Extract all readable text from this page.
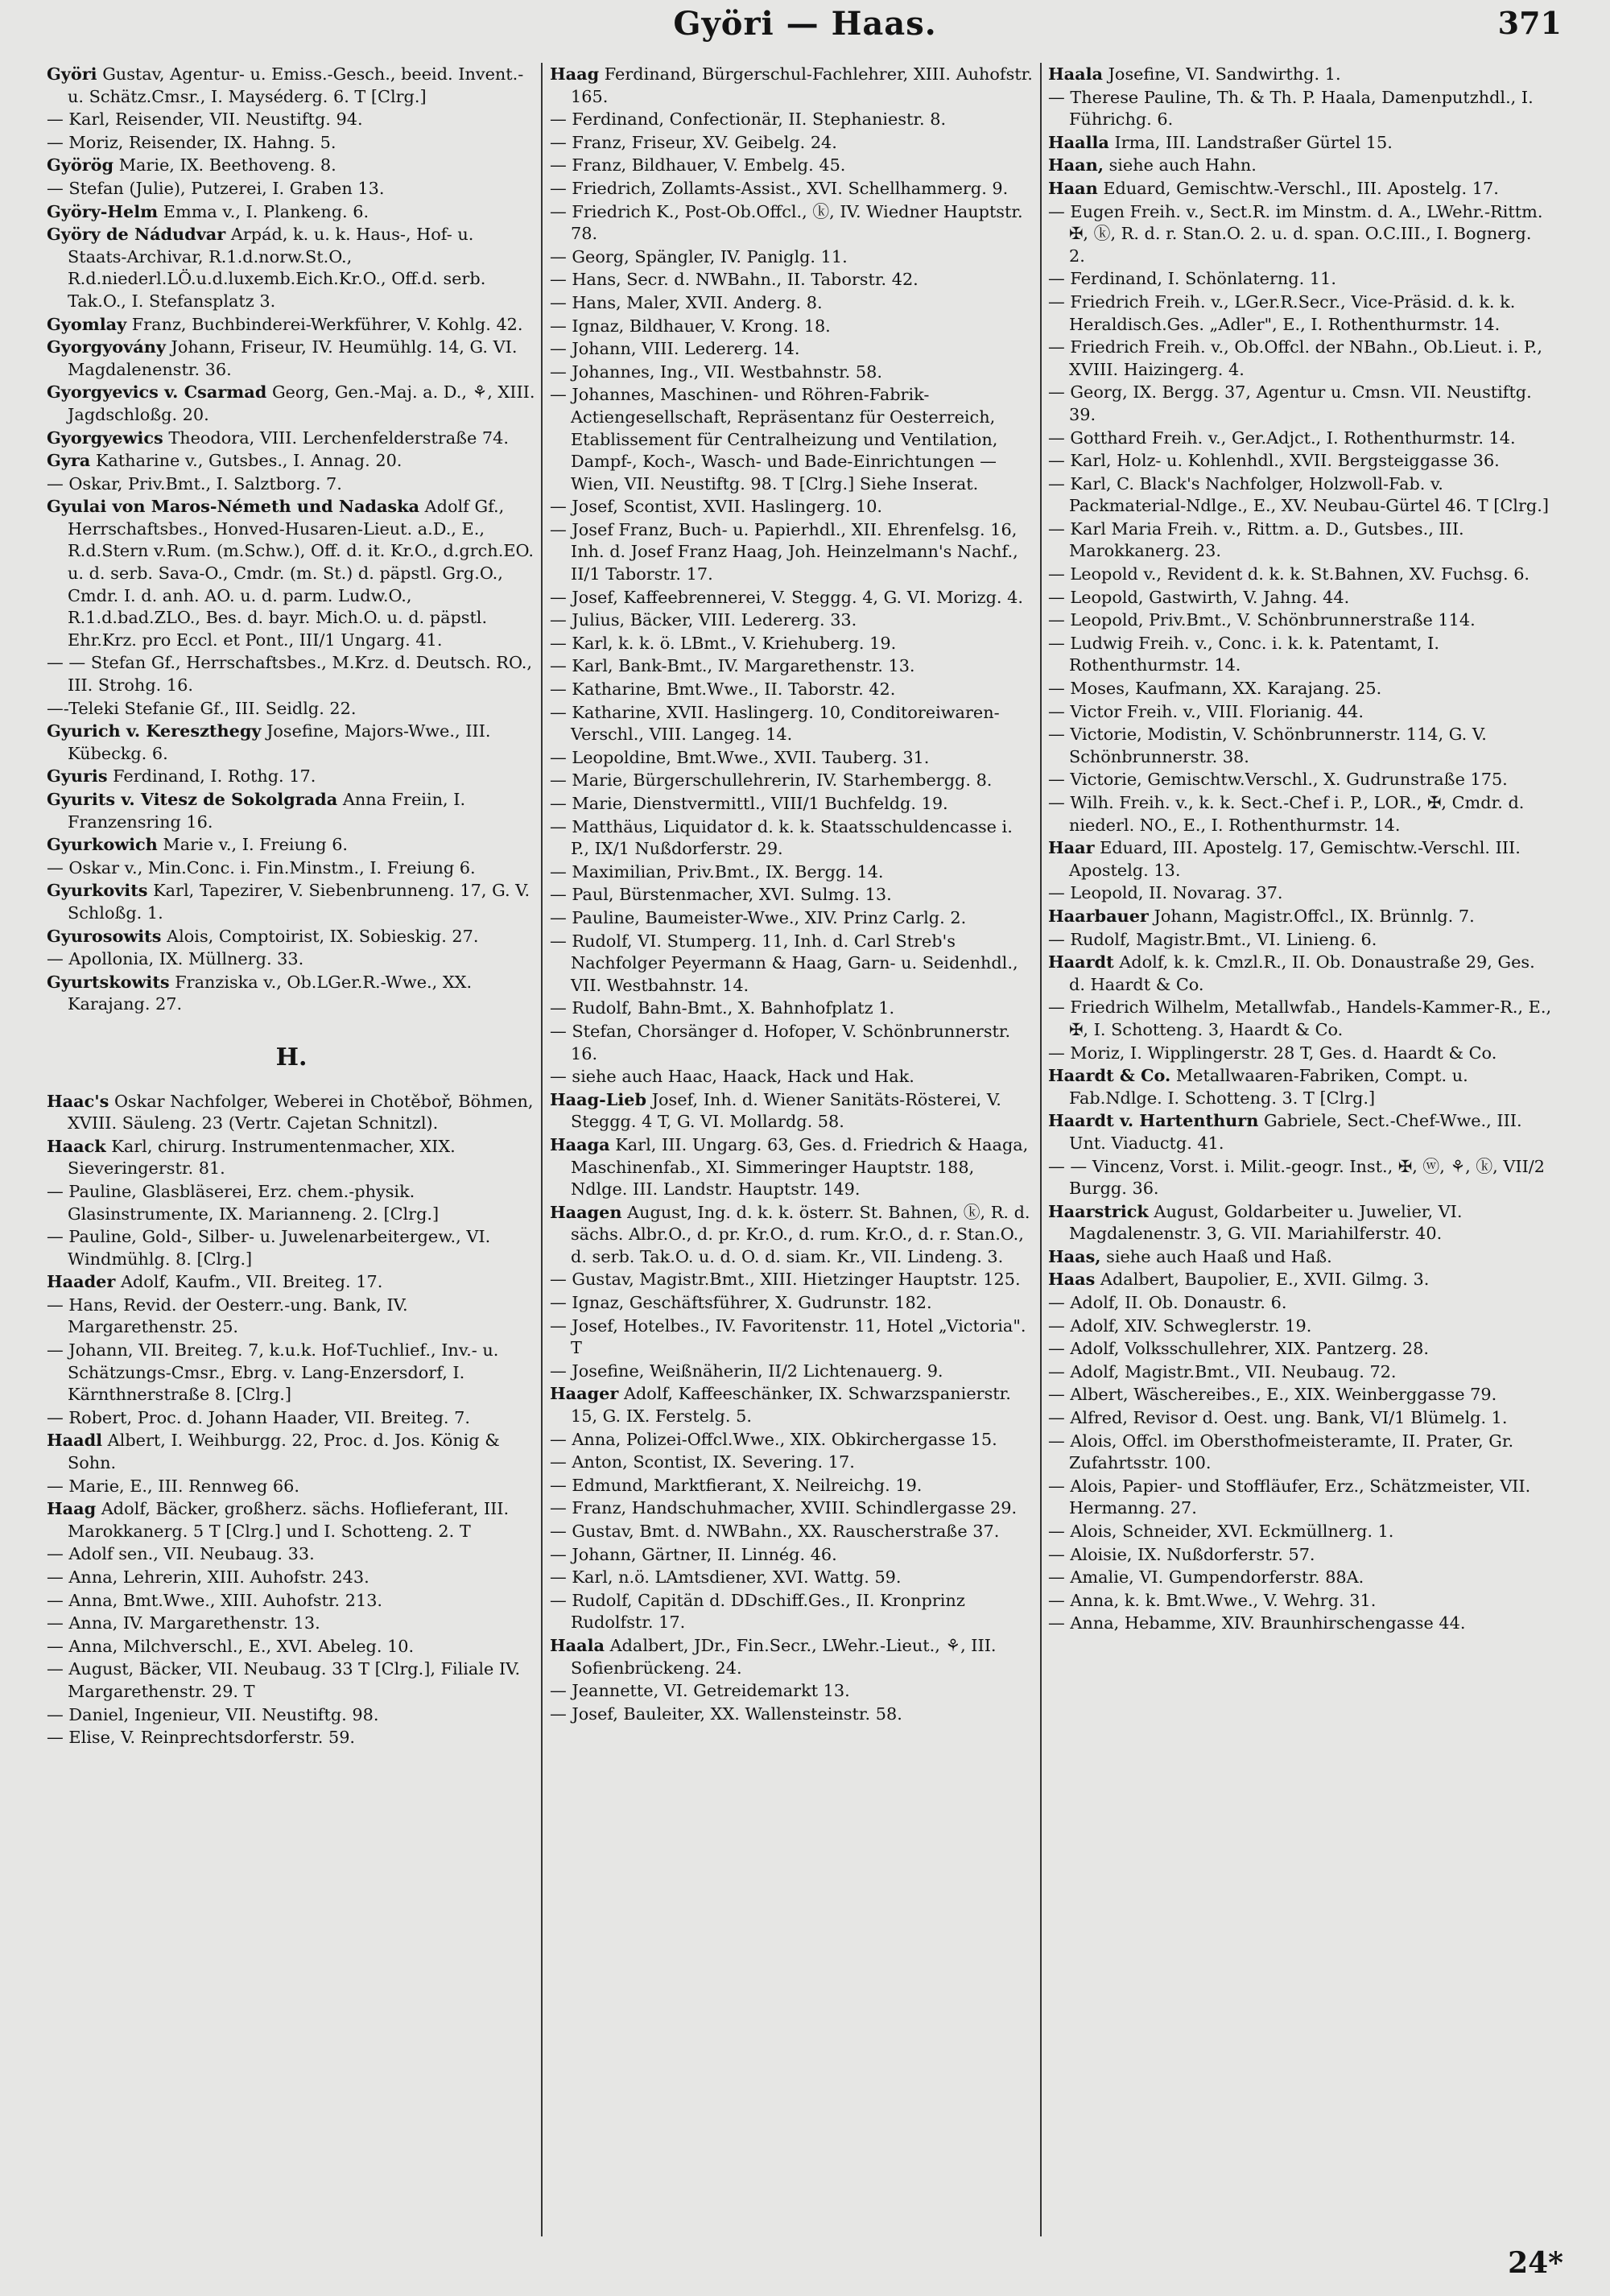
Györi — Haas.	371

Györi Gustav, Agentur- u. Emiss.-Gesch., beeid. Invent.- u. Schätz.Cmsr., I. Mayséderg. 6. T [Clrg.]

— Karl, Reisender, VII. Neustiftg. 94.

— Moriz, Reisender, IX. Hahng. 5.

Györög Marie, IX. Beethoveng. 8.

— Stefan (Julie), Putzerei, I. Graben 13.

Györy-Helm Emma v., I. Plankeng. 6.

Györy de Nádudvar Arpád, k. u. k. Haus-, Hof- u. Staats-Archivar, R.1.d.norw.St.O., R.d.niederl.LÖ.u.d.luxemb.Eich.Kr.O., Off.d. serb. Tak.O., I. Stefansplatz 3.

Gyomlay Franz, Buchbinderei-Werkführer, V. Kohlg. 42.

Gyorgyovány Johann, Friseur, IV. Heumühlg. 14, G. VI. Magdalenenstr. 36.

Gyorgyevics v. Csarmad Georg, Gen.-Maj. a. D., ⚘, XIII. Jagdschloßg. 20.

Gyorgyewics Theodora, VIII. Lerchenfelderstraße 74.

Gyra Katharine v., Gutsbes., I. Annag. 20.

— Oskar, Priv.Bmt., I. Salztborg. 7.

Gyulai von Maros-Németh und Nadaska Adolf Gf., Herrschaftsbes., Honved-Husaren-Lieut. a.D., E., R.d.Stern v.Rum. (m.Schw.), Off. d. it. Kr.O., d.grch.EO. u. d. serb. Sava-O., Cmdr. (m. St.) d. päpstl. Grg.O., Cmdr. I. d. anh. AO. u. d. parm. Ludw.O., R.1.d.bad.ZLO., Bes. d. bayr. Mich.O. u. d. päpstl. Ehr.Krz. pro Eccl. et Pont., III/1 Ungarg. 41.

— — Stefan Gf., Herrschaftsbes., M.Krz. d. Deutsch. RO., III. Strohg. 16.

—-Teleki Stefanie Gf., III. Seidlg. 22.

Gyurich v. Kereszthegy Josefine, Majors-Wwe., III. Kübeckg. 6.

Gyuris Ferdinand, I. Rothg. 17.

Gyurits v. Vitesz de Sokolgrada Anna Freiin, I. Franzensring 16.

Gyurkowich Marie v., I. Freiung 6.

— Oskar v., Min.Conc. i. Fin.Minstm., I. Freiung 6.

Gyurkovits Karl, Tapezirer, V. Siebenbrunneng. 17, G. V. Schloßg. 1.

Gyurosowits Alois, Comptoirist, IX. Sobieskig. 27.

— Apollonia, IX. Müllnerg. 33.

Gyurtskowits Franziska v., Ob.LGer.R.-Wwe., XX. Karajang. 27.

H.

Haac's Oskar Nachfolger, Weberei in Chotěboř, Böhmen, XVIII. Säuleng. 23 (Vertr. Cajetan Schnitzl).

Haack Karl, chirurg. Instrumentenmacher, XIX. Sieveringerstr. 81.

— Pauline, Glasbläserei, Erz. chem.-physik. Glasinstrumente, IX. Marianneng. 2. [Clrg.]

— Pauline, Gold-, Silber- u. Juwelenarbeitergew., VI. Windmühlg. 8. [Clrg.]

Haader Adolf, Kaufm., VII. Breiteg. 17.

— Hans, Revid. der Oesterr.-ung. Bank, IV. Margarethenstr. 25.

— Johann, VII. Breiteg. 7, k.u.k. Hof-Tuchlief., Inv.- u. Schätzungs-Cmsr., Ebrg. v. Lang-Enzersdorf, I. Kärnthnerstraße 8. [Clrg.]

— Robert, Proc. d. Johann Haader, VII. Breiteg. 7.

Haadl Albert, I. Weihburgg. 22, Proc. d. Jos. König & Sohn.

— Marie, E., III. Rennweg 66.

Haag Adolf, Bäcker, großherz. sächs. Hoflieferant, III. Marokkanerg. 5 T [Clrg.] und I. Schotteng. 2. T

— Adolf sen., VII. Neubaug. 33.

— Anna, Lehrerin, XIII. Auhofstr. 243.

— Anna, Bmt.Wwe., XIII. Auhofstr. 213.

— Anna, IV. Margarethenstr. 13.

— Anna, Milchverschl., E., XVI. Abeleg. 10.

— August, Bäcker, VII. Neubaug. 33 T [Clrg.], Filiale IV. Margarethenstr. 29. T

— Daniel, Ingenieur, VII. Neustiftg. 98.

— Elise, V. Reinprechtsdorferstr. 59.

Haag Ferdinand, Bürgerschul-Fachlehrer, XIII. Auhofstr. 165.

— Ferdinand, Confectionär, II. Stephaniestr. 8.

— Franz, Friseur, XV. Geibelg. 24.

— Franz, Bildhauer, V. Embelg. 45.

— Friedrich, Zollamts-Assist., XVI. Schellhammerg. 9.

— Friedrich K., Post-Ob.Offcl., ⓚ, IV. Wiedner Hauptstr. 78.

— Georg, Spängler, IV. Paniglg. 11.

— Hans, Secr. d. NWBahn., II. Taborstr. 42.

— Hans, Maler, XVII. Anderg. 8.

— Ignaz, Bildhauer, V. Krong. 18.

— Johann, VIII. Ledererg. 14.

— Johannes, Ing., VII. Westbahnstr. 58.

— Johannes, Maschinen- und Röhren-Fabrik-Actiengesellschaft, Repräsentanz für Oesterreich, Etablissement für Centralheizung und Ventilation, Dampf-, Koch-, Wasch- und Bade-Einrichtungen — Wien, VII. Neustiftg. 98. T [Clrg.] Siehe Inserat.

— Josef, Scontist, XVII. Haslingerg. 10.

— Josef Franz, Buch- u. Papierhdl., XII. Ehrenfelsg. 16, Inh. d. Josef Franz Haag, Joh. Heinzelmann's Nachf., II/1 Taborstr. 17.

— Josef, Kaffeebrennerei, V. Steggg. 4, G. VI. Morizg. 4.

— Julius, Bäcker, VIII. Ledererg. 33.

— Karl, k. k. ö. LBmt., V. Kriehuberg. 19.

— Karl, Bank-Bmt., IV. Margarethenstr. 13.

— Katharine, Bmt.Wwe., II. Taborstr. 42.

— Katharine, XVII. Haslingerg. 10, Conditoreiwaren-Verschl., VIII. Langeg. 14.

— Leopoldine, Bmt.Wwe., XVII. Tauberg. 31.

— Marie, Bürgerschullehrerin, IV. Starhembergg. 8.

— Marie, Dienstvermittl., VIII/1 Buchfeldg. 19.

— Matthäus, Liquidator d. k. k. Staatsschuldencasse i. P., IX/1 Nußdorferstr. 29.

— Maximilian, Priv.Bmt., IX. Bergg. 14.

— Paul, Bürstenmacher, XVI. Sulmg. 13.

— Pauline, Baumeister-Wwe., XIV. Prinz Carlg. 2.

— Rudolf, VI. Stumperg. 11, Inh. d. Carl Streb's Nachfolger Peyermann & Haag, Garn- u. Seidenhdl., VII. Westbahnstr. 14.

— Rudolf, Bahn-Bmt., X. Bahnhofplatz 1.

— Stefan, Chorsänger d. Hofoper, V. Schönbrunnerstr. 16.

— siehe auch Haac, Haack, Hack und Hak.

Haag-Lieb Josef, Inh. d. Wiener Sanitäts-Rösterei, V. Steggg. 4 T, G. VI. Mollardg. 58.

Haaga Karl, III. Ungarg. 63, Ges. d. Friedrich & Haaga, Maschinenfab., XI. Simmeringer Hauptstr. 188, Ndlge. III. Landstr. Hauptstr. 149.

Haagen August, Ing. d. k. k. österr. St. Bahnen, ⓚ, R. d. sächs. Albr.O., d. pr. Kr.O., d. rum. Kr.O., d. r. Stan.O., d. serb. Tak.O. u. d. O. d. siam. Kr., VII. Lindeng. 3.

— Gustav, Magistr.Bmt., XIII. Hietzinger Hauptstr. 125.

— Ignaz, Geschäftsführer, X. Gudrunstr. 182.

— Josef, Hotelbes., IV. Favoritenstr. 11, Hotel „Victoria". T

— Josefine, Weißnäherin, II/2 Lichtenauerg. 9.

Haager Adolf, Kaffeeschänker, IX. Schwarzspanierstr. 15, G. IX. Ferstelg. 5.

— Anna, Polizei-Offcl.Wwe., XIX. Obkirchergasse 15.

— Anton, Scontist, IX. Severing. 17.

— Edmund, Marktfierant, X. Neilreichg. 19.

— Franz, Handschuhmacher, XVIII. Schindlergasse 29.

— Gustav, Bmt. d. NWBahn., XX. Rauscherstraße 37.

— Johann, Gärtner, II. Linnég. 46.

— Karl, n.ö. LAmtsdiener, XVI. Wattg. 59.

— Rudolf, Capitän d. DDschiff.Ges., II. Kronprinz Rudolfstr. 17.

Haala Adalbert, JDr., Fin.Secr., LWehr.-Lieut., ⚘, III. Sofienbrückeng. 24.

— Jeannette, VI. Getreidemarkt 13.

— Josef, Bauleiter, XX. Wallensteinstr. 58.

Haala Josefine, VI. Sandwirthg. 1.

— Therese Pauline, Th. & Th. P. Haala, Damenputzhdl., I. Führichg. 6.

Haalla Irma, III. Landstraßer Gürtel 15.

Haan, siehe auch Hahn.

Haan Eduard, Gemischtw.-Verschl., III. Apostelg. 17.

— Eugen Freih. v., Sect.R. im Minstm. d. A., LWehr.-Rittm. ✠, ⓚ, R. d. r. Stan.O. 2. u. d. span. O.C.III., I. Bognerg. 2.

— Ferdinand, I. Schönlaterng. 11.

— Friedrich Freih. v., LGer.R.Secr., Vice-Präsid. d. k. k. Heraldisch.Ges. „Adler", E., I. Rothenthurmstr. 14.

— Friedrich Freih. v., Ob.Offcl. der NBahn., Ob.Lieut. i. P., XVIII. Haizingerg. 4.

— Georg, IX. Bergg. 37, Agentur u. Cmsn. VII. Neustiftg. 39.

— Gotthard Freih. v., Ger.Adjct., I. Rothenthurmstr. 14.

— Karl, Holz- u. Kohlenhdl., XVII. Bergsteiggasse 36.

— Karl, C. Black's Nachfolger, Holzwoll-Fab. v. Packmaterial-Ndlge., E., XV. Neubau-Gürtel 46. T [Clrg.]

— Karl Maria Freih. v., Rittm. a. D., Gutsbes., III. Marokkanerg. 23.

— Leopold v., Revident d. k. k. St.Bahnen, XV. Fuchsg. 6.

— Leopold, Gastwirth, V. Jahng. 44.

— Leopold, Priv.Bmt., V. Schönbrunnerstraße 114.

— Ludwig Freih. v., Conc. i. k. k. Patentamt, I. Rothenthurmstr. 14.

— Moses, Kaufmann, XX. Karajang. 25.

— Victor Freih. v., VIII. Florianig. 44.

— Victorie, Modistin, V. Schönbrunnerstr. 114, G. V. Schönbrunnerstr. 38.

— Victorie, Gemischtw.Verschl., X. Gudrunstraße 175.

— Wilh. Freih. v., k. k. Sect.-Chef i. P., LOR., ✠, Cmdr. d. niederl. NO., E., I. Rothenthurmstr. 14.

Haar Eduard, III. Apostelg. 17, Gemischtw.-Verschl. III. Apostelg. 13.

— Leopold, II. Novarag. 37.

Haarbauer Johann, Magistr.Offcl., IX. Brünnlg. 7.

— Rudolf, Magistr.Bmt., VI. Linieng. 6.

Haardt Adolf, k. k. Cmzl.R., II. Ob. Donaustraße 29, Ges. d. Haardt & Co.

— Friedrich Wilhelm, Metallwfab., Handels-Kammer-R., E., ✠, I. Schotteng. 3, Haardt & Co.

— Moriz, I. Wipplingerstr. 28 T, Ges. d. Haardt & Co.

Haardt & Co. Metallwaaren-Fabriken, Compt. u. Fab.Ndlge. I. Schotteng. 3. T [Clrg.]

Haardt v. Hartenthurn Gabriele, Sect.-Chef-Wwe., III. Unt. Viaductg. 41.

— — Vincenz, Vorst. i. Milit.-geogr. Inst., ✠, ⓦ, ⚘, ⓚ, VII/2 Burgg. 36.

Haarstrick August, Goldarbeiter u. Juwelier, VI. Magdalenenstr. 3, G. VII. Mariahilferstr. 40.

Haas, siehe auch Haaß und Haß.

Haas Adalbert, Baupolier, E., XVII. Gilmg. 3.

— Adolf, II. Ob. Donaustr. 6.

— Adolf, XIV. Schweglerstr. 19.

— Adolf, Volksschullehrer, XIX. Pantzerg. 28.

— Adolf, Magistr.Bmt., VII. Neubaug. 72.

— Albert, Wäschereibes., E., XIX. Weinberggasse 79.

— Alfred, Revisor d. Oest. ung. Bank, VI/1 Blümelg. 1.

— Alois, Offcl. im Obersthofmeisteramte, II. Prater, Gr. Zufahrtsstr. 100.

— Alois, Papier- und Stoffläufer, Erz., Schätzmeister, VII. Hermanng. 27.

— Alois, Schneider, XVI. Eckmüllnerg. 1.

— Aloisie, IX. Nußdorferstr. 57.

— Amalie, VI. Gumpendorferstr. 88A.

— Anna, k. k. Bmt.Wwe., V. Wehrg. 31.

— Anna, Hebamme, XIV. Braunhirschengasse 44.

24*
